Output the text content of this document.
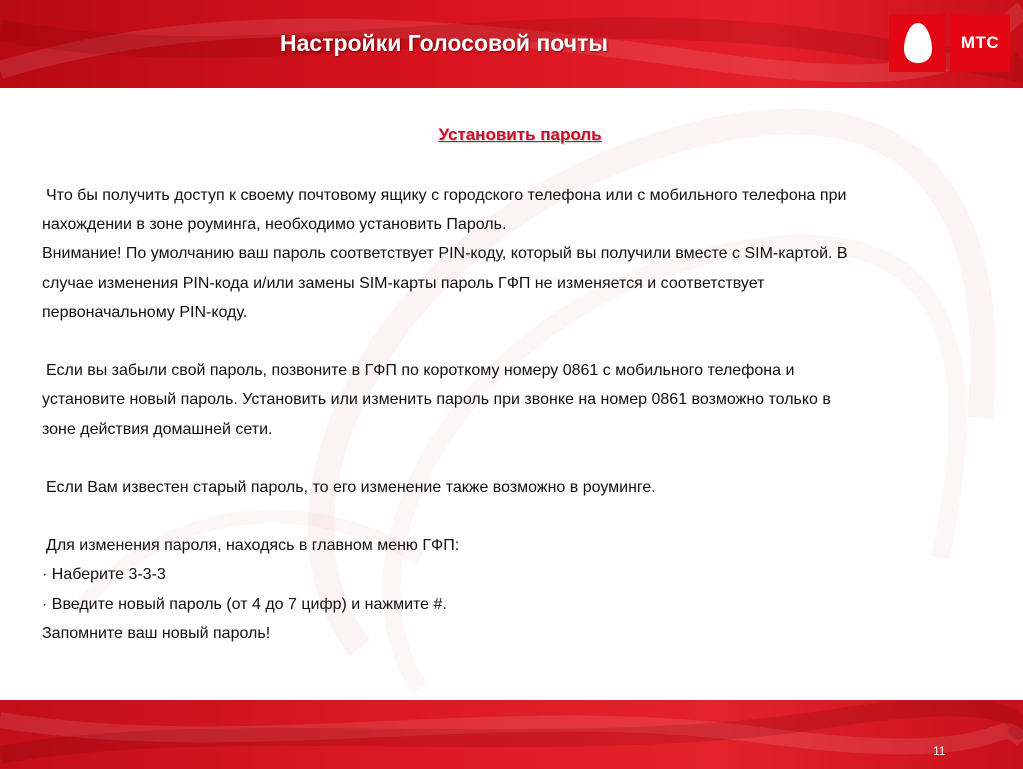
Настройки Голосовой почты	МТС
Установить пароль
Что бы получить доступ к своему почтовому ящику с городского телефона или с мобильного телефона при
нахождении в зоне роуминга, необходимо установить Пароль.
Внимание! По умолчанию ваш пароль соответствует PIN-коду, который вы получили вместе с SIM-картой. В
случае изменения PIN-кода и/или замены SIM-карты пароль ГФП не изменяется и соответствует
первоначальному PIN-коду.
Если вы забыли свой пароль, позвоните в ГФП по короткому номеру 0861 с мобильного телефона и
установите новый пароль. Установить или изменить пароль при звонке на номер 0861 возможно только в
зоне действия домашней сети.
Если Вам известен старый пароль, то его изменение также возможно в роуминге.
Для изменения пароля, находясь в главном меню ГФП:
· Наберите 3-3-3
· Введите новый пароль (от 4 до 7 цифр) и нажмите #.
Запомните ваш новый пароль!
11
